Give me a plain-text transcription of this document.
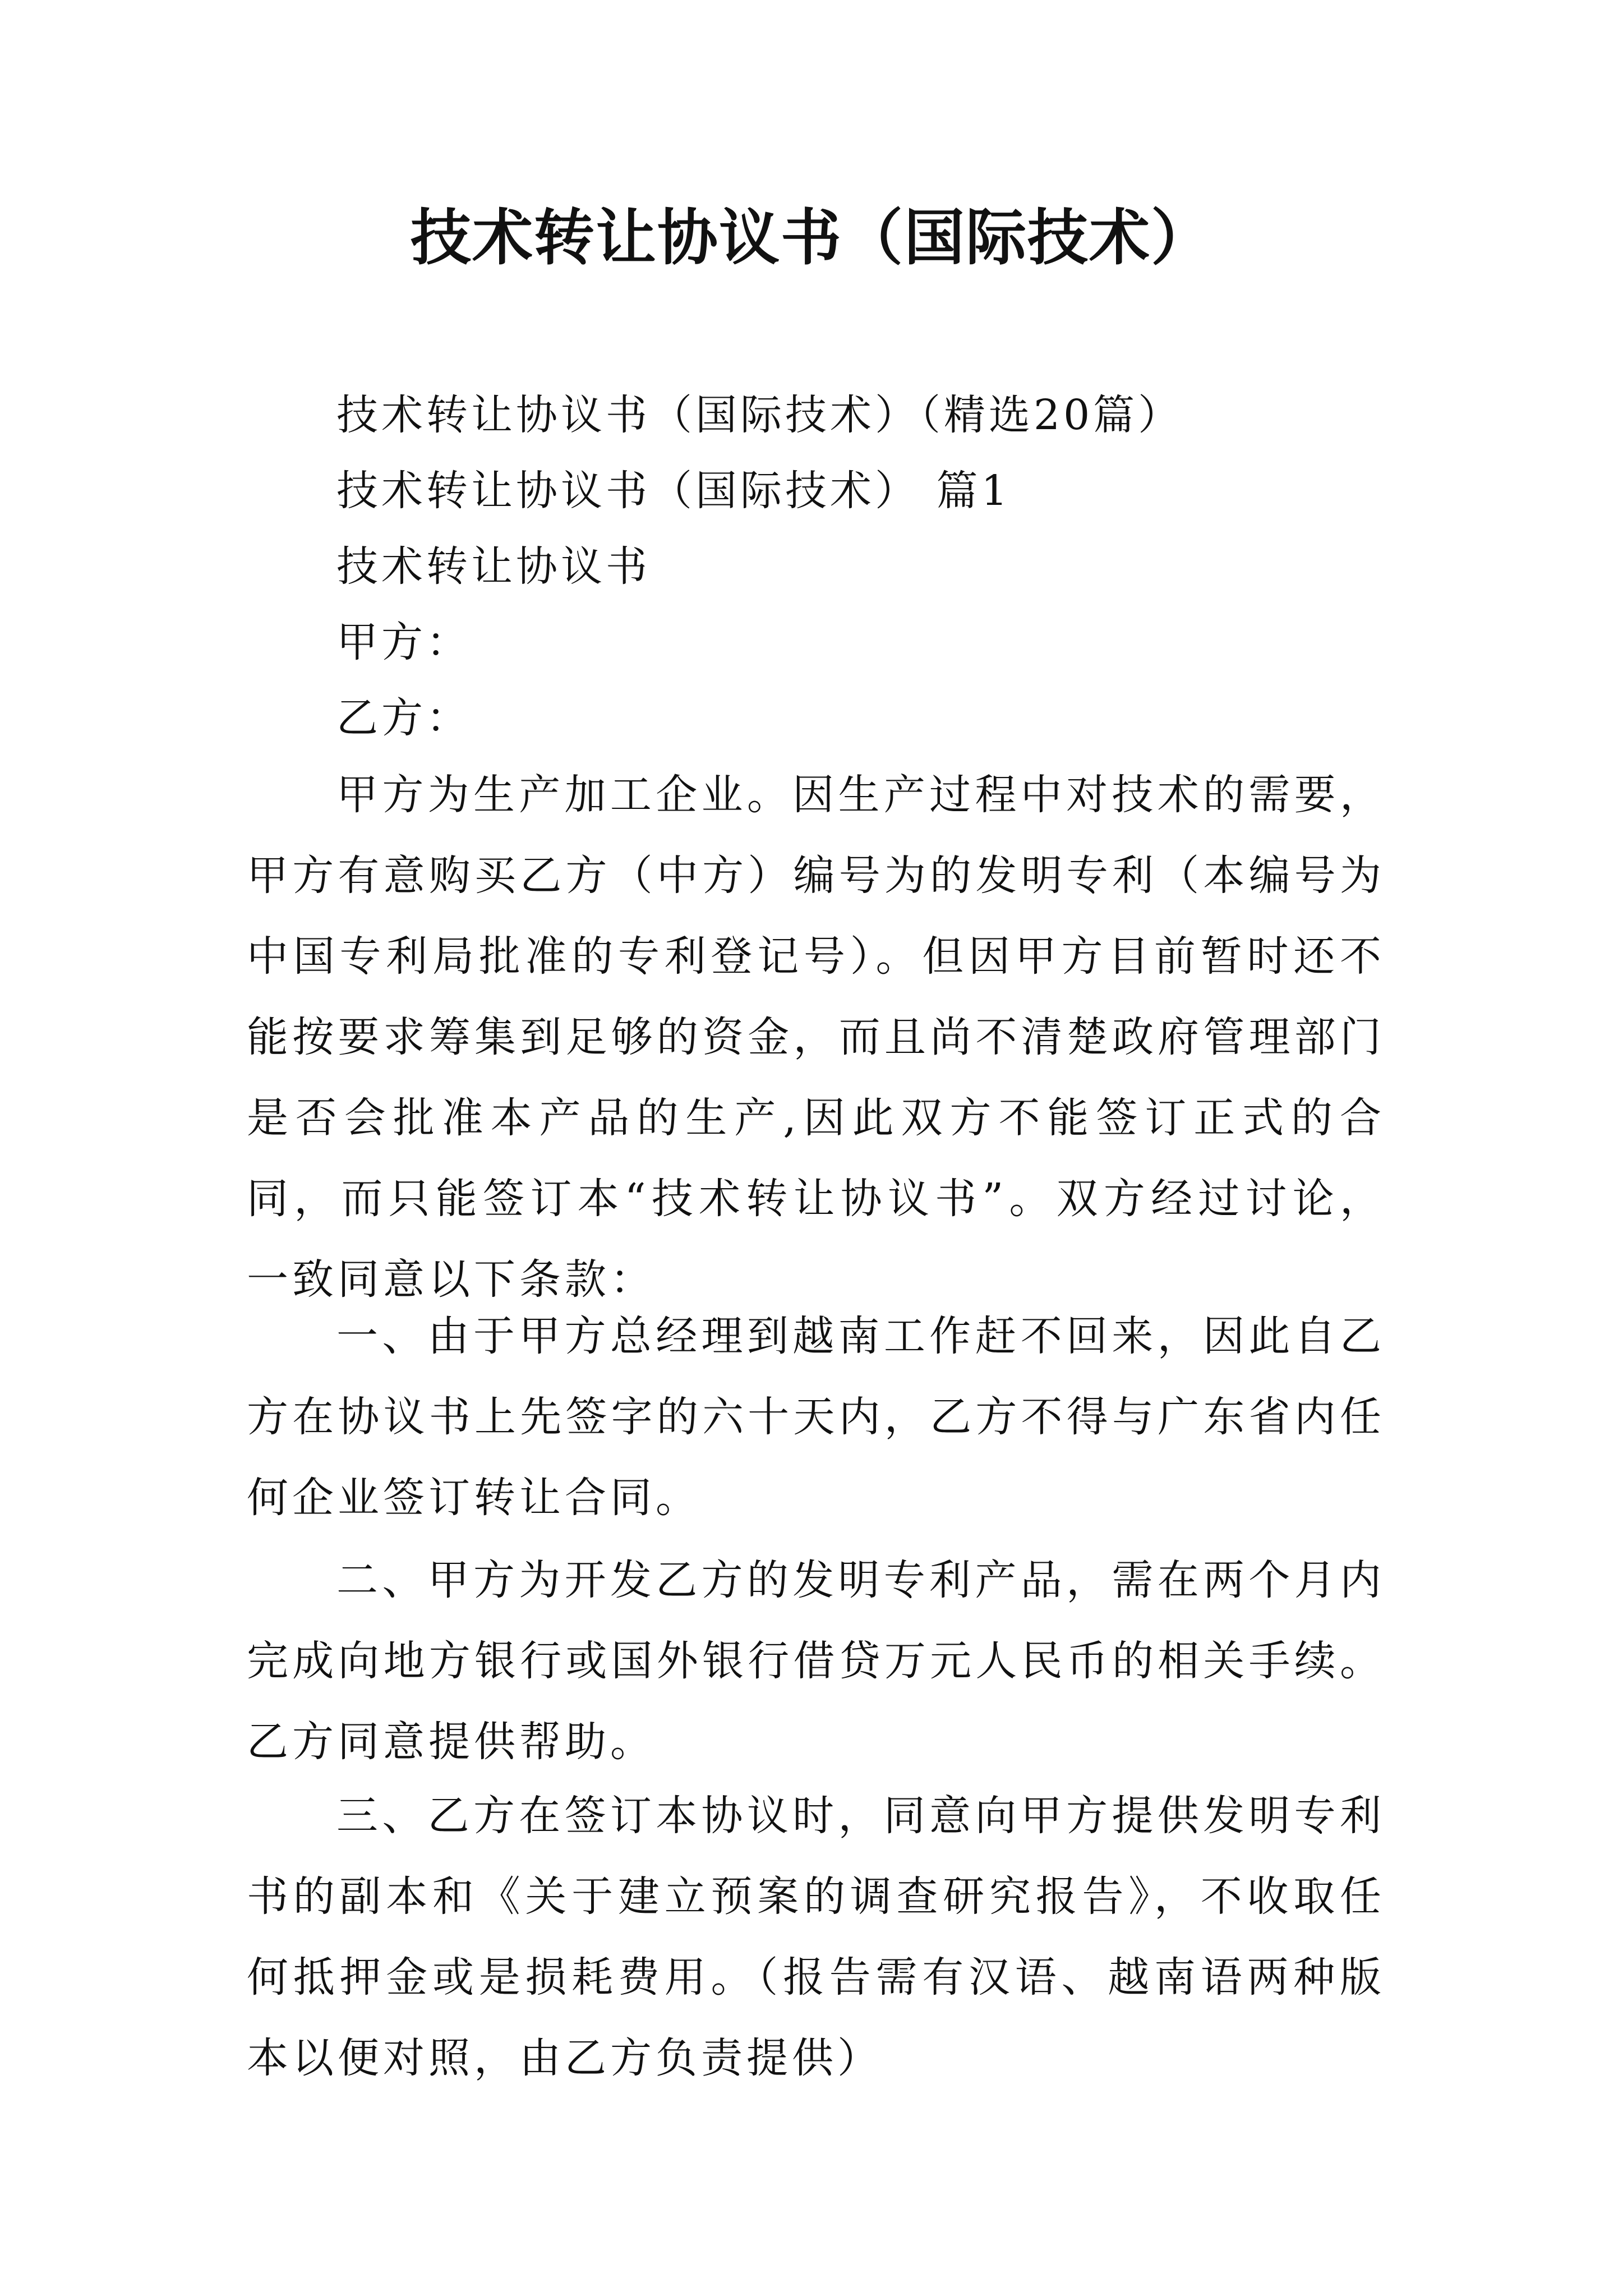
技术转让协议书（国际技术）
技术转让协议书（国际技术）（精选20篇）
技术转让协议书（国际技术） 篇1
技术转让协议书
甲方：
乙方：
甲方为生产加工企业。因生产过程中对技术的需要，甲方有意购买乙方（中方）编号为的发明专利（本编号为中国专利局批准的专利登记号）。但因甲方目前暂时还不能按要求筹集到足够的资金，而且尚不清楚政府管理部门是否会批准本产品的生产,因此双方不能签订正式的合同，而只能签订本“技术转让协议书”。双方经过讨论，一致同意以下条款：
一、由于甲方总经理到越南工作赶不回来，因此自乙方在协议书上先签字的六十天内，乙方不得与广东省内任何企业签订转让合同。
二、甲方为开发乙方的发明专利产品，需在两个月内完成向地方银行或国外银行借贷万元人民币的相关手续。乙方同意提供帮助。
三、乙方在签订本协议时，同意向甲方提供发明专利书的副本和《关于建立预案的调查研究报告》，不收取任何抵押金或是损耗费用。（报告需有汉语、越南语两种版本以便对照，由乙方负责提供）
